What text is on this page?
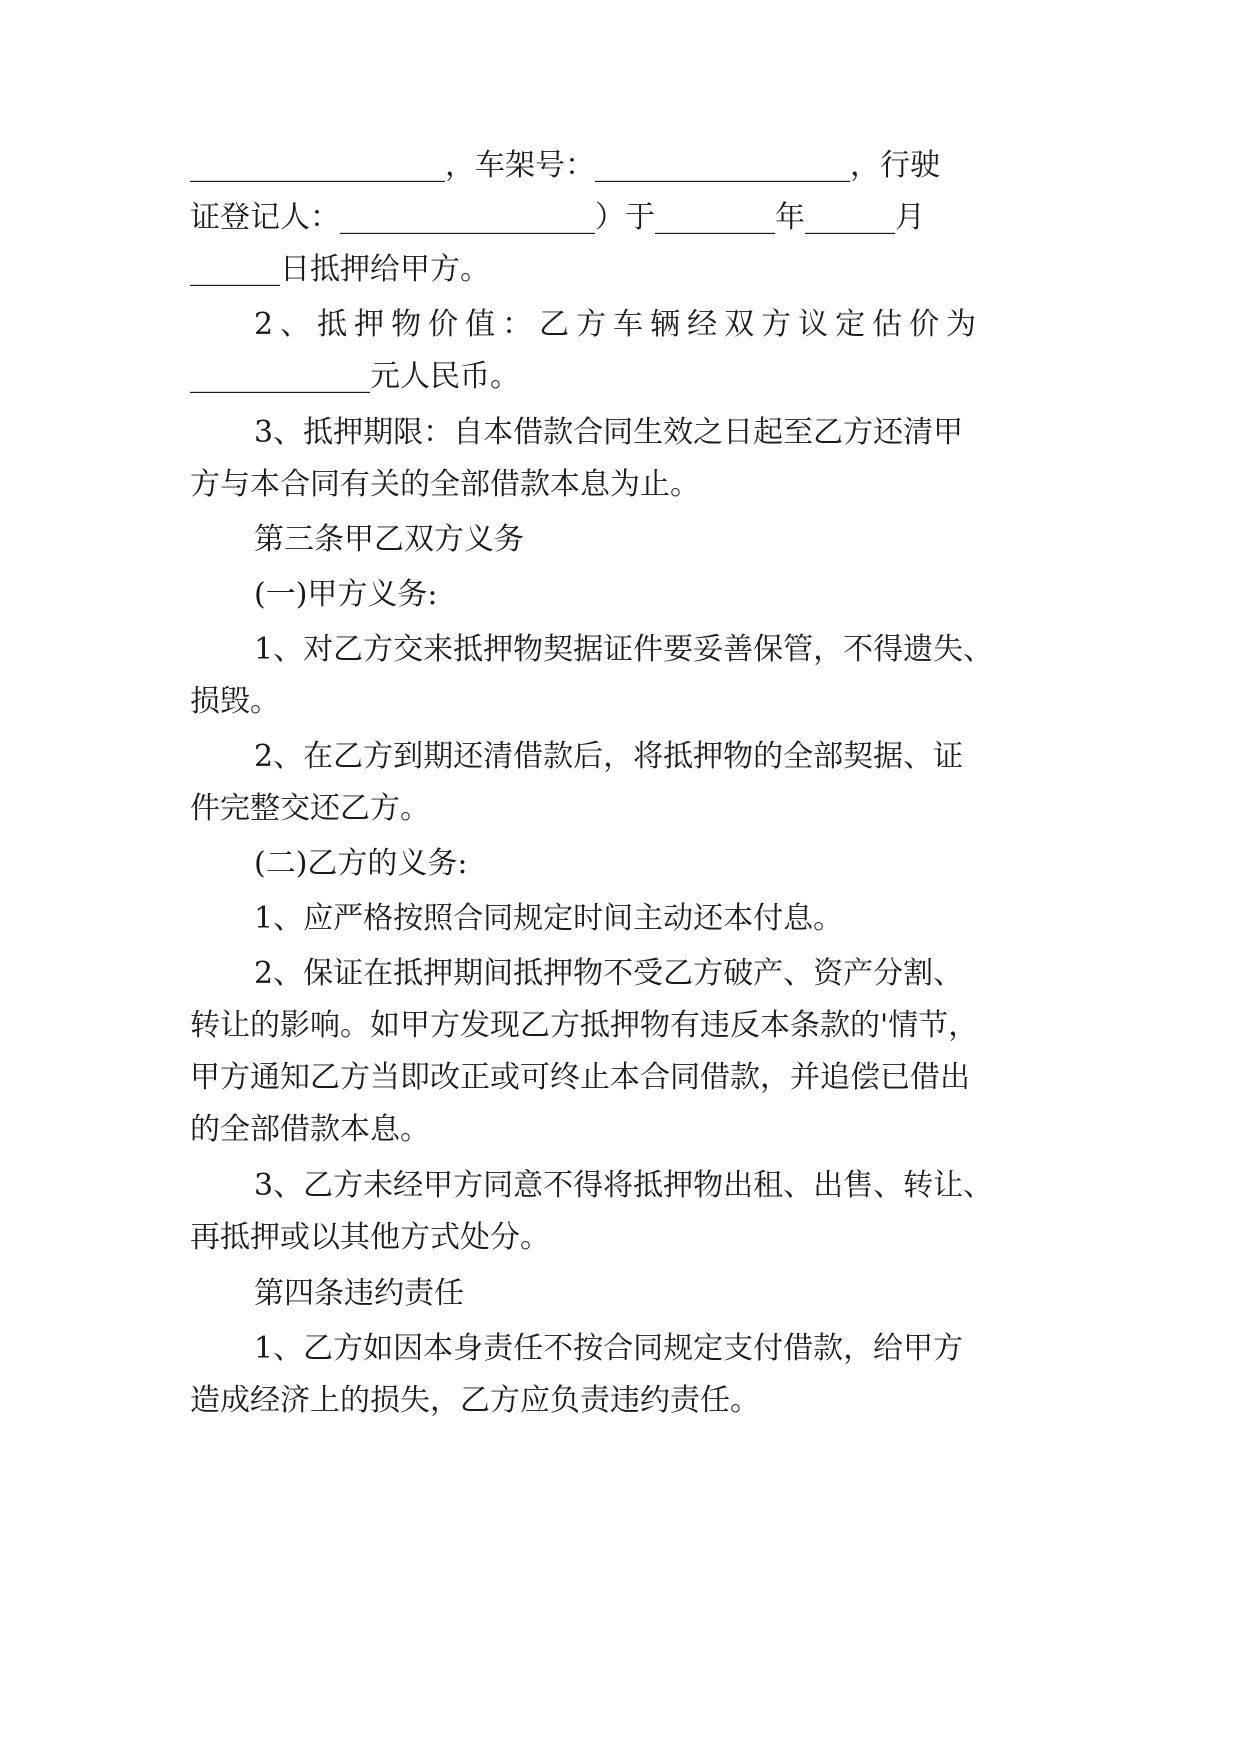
_________________，车架号：_________________，行驶
证登记人：_________________）于________年______月
______日抵押给甲方。
2、抵押物价值：乙方车辆经双方议定估价为
____________元人民币。
3、抵押期限：自本借款合同生效之日起至乙方还清甲
方与本合同有关的全部借款本息为止。
第三条甲乙双方义务
(一)甲方义务:
1、对乙方交来抵押物契据证件要妥善保管，不得遗失、
损毁。
2、在乙方到期还清借款后，将抵押物的全部契据、证
件完整交还乙方。
(二)乙方的义务:
1、应严格按照合同规定时间主动还本付息。
2、保证在抵押期间抵押物不受乙方破产、资产分割、
转让的影响。如甲方发现乙方抵押物有违反本条款的'情节，
甲方通知乙方当即改正或可终止本合同借款，并追偿已借出
的全部借款本息。
3、乙方未经甲方同意不得将抵押物出租、出售、转让、
再抵押或以其他方式处分。
第四条违约责任
1、乙方如因本身责任不按合同规定支付借款，给甲方
造成经济上的损失，乙方应负责违约责任。
